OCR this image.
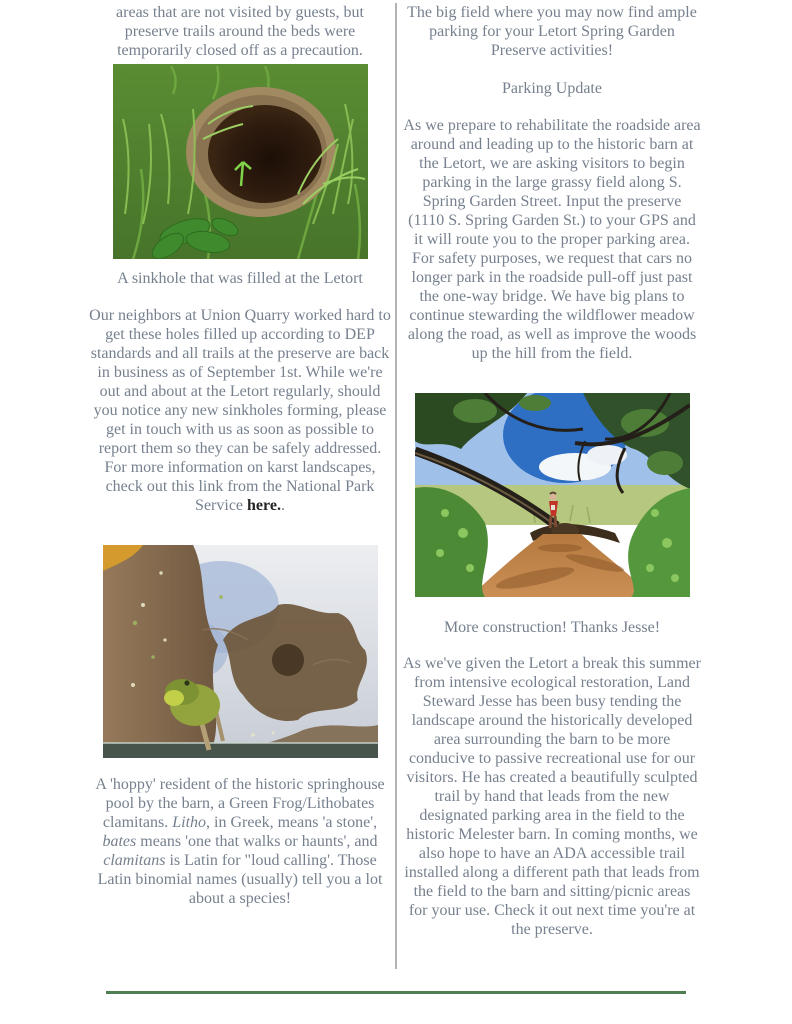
areas that are not visited by guests, but preserve trails around the beds were temporarily closed off as a precaution.

A sinkhole that was filled at the Letort

Our neighbors at Union Quarry worked hard to get these holes filled up according to DEP standards and all trails at the preserve are back in business as of September 1st. While we're out and about at the Letort regularly, should you notice any new sinkholes forming, please get in touch with us as soon as possible to report them so they can be safely addressed. For more information on karst landscapes, check out this link from the National Park Service here..

A 'hoppy' resident of the historic springhouse pool by the barn, a Green Frog/Lithobates clamitans. Litho, in Greek, means 'a stone', bates means 'one that walks or haunts', and clamitans is Latin for "loud calling'. Those Latin binomial names (usually) tell you a lot about a species!

The big field where you may now find ample parking for your Letort Spring Garden Preserve activities!

Parking Update

As we prepare to rehabilitate the roadside area around and leading up to the historic barn at the Letort, we are asking visitors to begin parking in the large grassy field along S. Spring Garden Street. Input the preserve (1110 S. Spring Garden St.) to your GPS and it will route you to the proper parking area. For safety purposes, we request that cars no longer park in the roadside pull-off just past the one-way bridge. We have big plans to continue stewarding the wildflower meadow along the road, as well as improve the woods up the hill from the field.

More construction! Thanks Jesse!

As we've given the Letort a break this summer from intensive ecological restoration, Land Steward Jesse has been busy tending the landscape around the historically developed area surrounding the barn to be more conducive to passive recreational use for our visitors. He has created a beautifully sculpted trail by hand that leads from the new designated parking area in the field to the historic Melester barn. In coming months, we also hope to have an ADA accessible trail installed along a different path that leads from the field to the barn and sitting/picnic areas for your use. Check it out next time you're at the preserve.
